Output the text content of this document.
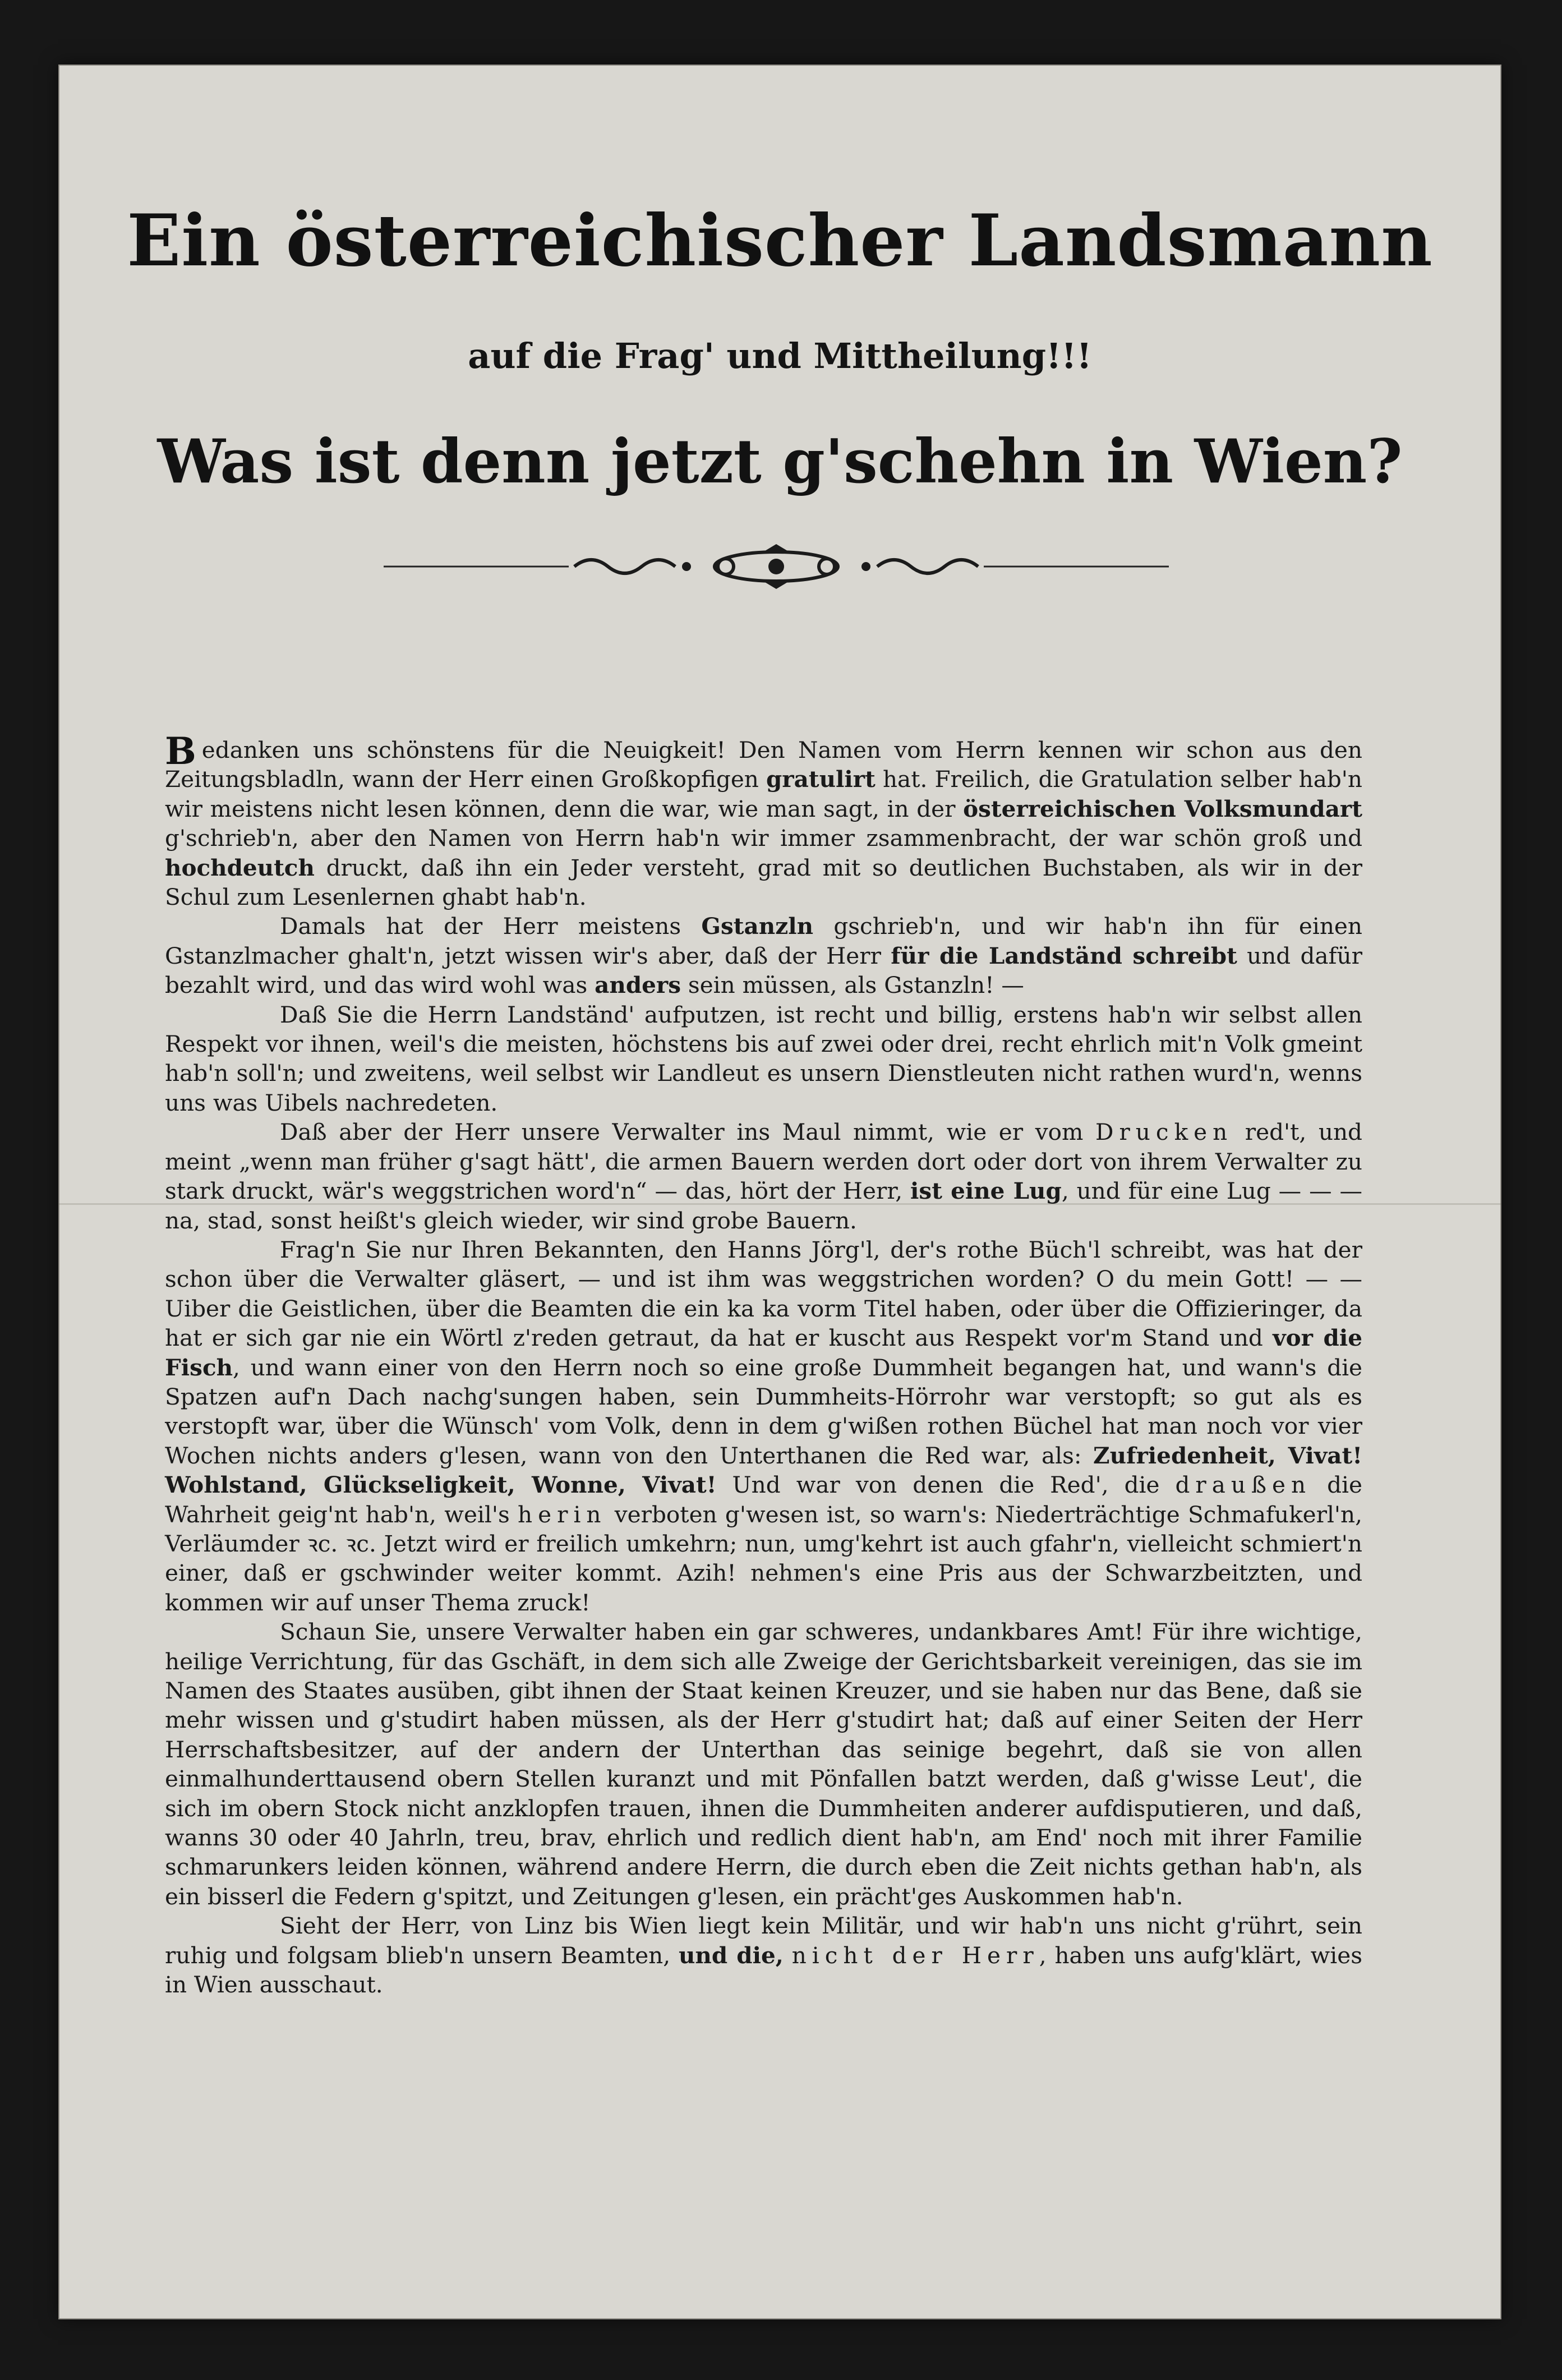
Ein österreichischer Landsmann
auf die Frag' und Mittheilung!!!
Was ist denn jetzt g'schehn in Wien?

Bedanken uns schönstens für die Neuigkeit! Den Namen vom Herrn kennen wir schon aus den Zeitungsbladln, wann der Herr einen Großkopfigen gratulirt hat. Freilich, die Gratulation selber hab'n wir meistens nicht lesen können, denn die war, wie man sagt, in der österreichischen Volksmundart g'schrieb'n, aber den Namen von Herrn hab'n wir immer zsammenbracht, der war schön groß und hochdeutch druckt, daß ihn ein Jeder versteht, grad mit so deutlichen Buchstaben, als wir in der Schul zum Lesenlernen ghabt hab'n.

Damals hat der Herr meistens Gstanzln gschrieb'n, und wir hab'n ihn für einen Gstanzlmacher ghalt'n, jetzt wissen wir's aber, daß der Herr für die Landständ schreibt und dafür bezahlt wird, und das wird wohl was anders sein müssen, als Gstanzln! —

Daß Sie die Herrn Landständ' aufputzen, ist recht und billig, erstens hab'n wir selbst allen Respekt vor ihnen, weil's die meisten, höchstens bis auf zwei oder drei, recht ehrlich mit'n Volk gmeint hab'n soll'n; und zweitens, weil selbst wir Landleut es unsern Dienstleuten nicht rathen wurd'n, wenns uns was Uibels nachredeten.

Daß aber der Herr unsere Verwalter ins Maul nimmt, wie er vom Drucken red't, und meint „wenn man früher g'sagt hätt', die armen Bauern werden dort oder dort von ihrem Verwalter zu stark druckt, wär's weggstrichen word'n“ — das, hört der Herr, ist eine Lug, und für eine Lug — — — na, stad, sonst heißt's gleich wieder, wir sind grobe Bauern.

Frag'n Sie nur Ihren Bekannten, den Hanns Jörg'l, der's rothe Büch'l schreibt, was hat der schon über die Verwalter gläsert, — und ist ihm was weggstrichen worden? O du mein Gott! — — Uiber die Geistlichen, über die Beamten die ein ka ka vorm Titel haben, oder über die Offizieringer, da hat er sich gar nie ein Wörtl z'reden getraut, da hat er kuscht aus Respekt vor'm Stand und vor die Fisch, und wann einer von den Herrn noch so eine große Dummheit begangen hat, und wann's die Spatzen auf'n Dach nachg'sungen haben, sein Dummheits-Hörrohr war verstopft; so gut als es verstopft war, über die Wünsch' vom Volk, denn in dem g'wißen rothen Büchel hat man noch vor vier Wochen nichts anders g'lesen, wann von den Unterthanen die Red war, als: Zufriedenheit, Vivat! Wohlstand, Glückseligkeit, Wonne, Vivat! Und war von denen die Red', die draußen die Wahrheit geig'nt hab'n, weil's herin verboten g'wesen ist, so warn's: Niederträchtige Schmafukerl'n, Verläumder ꝛc. ꝛc. Jetzt wird er freilich umkehrn; nun, umg'kehrt ist auch gfahr'n, vielleicht schmiert'n einer, daß er gschwinder weiter kommt. Azih! nehmen's eine Pris aus der Schwarzbeitzten, und kommen wir auf unser Thema zruck!

Schaun Sie, unsere Verwalter haben ein gar schweres, undankbares Amt! Für ihre wichtige, heilige Verrichtung, für das Gschäft, in dem sich alle Zweige der Gerichtsbarkeit vereinigen, das sie im Namen des Staates ausüben, gibt ihnen der Staat keinen Kreuzer, und sie haben nur das Bene, daß sie mehr wissen und g'studirt haben müssen, als der Herr g'studirt hat; daß auf einer Seiten der Herr Herrschaftsbesitzer, auf der andern der Unterthan das seinige begehrt, daß sie von allen einmalhunderttausend obern Stellen kuranzt und mit Pönfallen batzt werden, daß g'wisse Leut', die sich im obern Stock nicht anzklopfen trauen, ihnen die Dummheiten anderer aufdisputieren, und daß, wanns 30 oder 40 Jahrln, treu, brav, ehrlich und redlich dient hab'n, am End' noch mit ihrer Familie schmarunkers leiden können, während andere Herrn, die durch eben die Zeit nichts gethan hab'n, als ein bisserl die Federn g'spitzt, und Zeitungen g'lesen, ein prächt'ges Auskommen hab'n.

Sieht der Herr, von Linz bis Wien liegt kein Militär, und wir hab'n uns nicht g'rührt, sein ruhig und folgsam blieb'n unsern Beamten, und die, nicht der Herr, haben uns aufg'klärt, wies in Wien ausschaut.
